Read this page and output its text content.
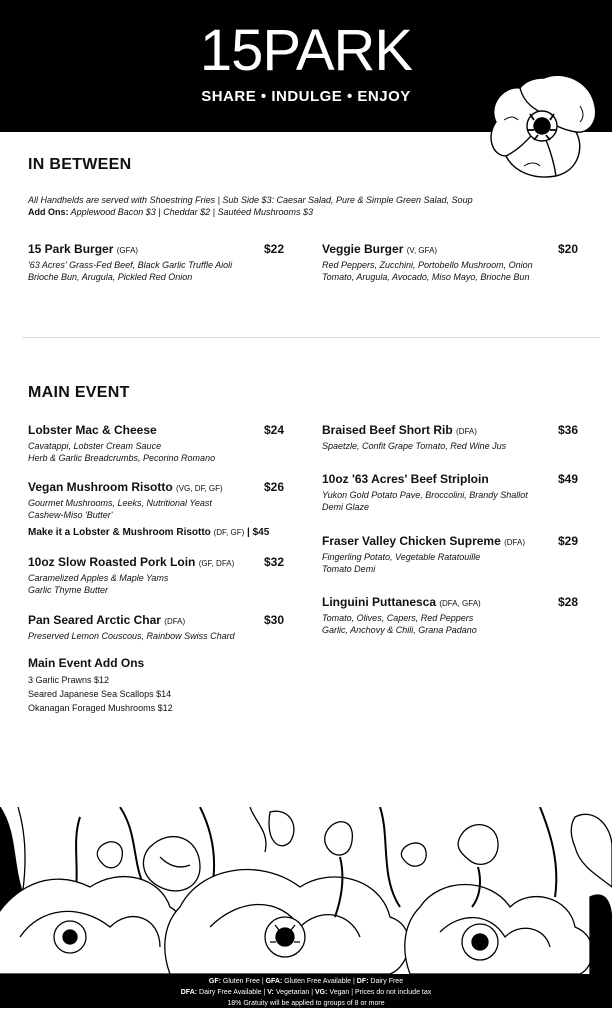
15PARK
SHARE • INDULGE • ENJOY
IN BETWEEN
All Handhelds are served with Shoestring Fries | Sub Side $3: Caesar Salad, Pure & Simple Green Salad, Soup
Add Ons: Applewood Bacon $3 | Cheddar $2 | Sautéed Mushrooms $3
15 Park Burger (GFA)	$22
'63 Acres' Grass-Fed Beef, Black Garlic Truffle Aioli
Brioche Bun, Arugula, Pickled Red Onion
Veggie Burger (V, GFA)	$20
Red Peppers, Zucchini, Portobello Mushroom, Onion
Tomato, Arugula, Avocado, Miso Mayo, Brioche Bun
MAIN EVENT
Lobster Mac & Cheese	$24
Cavatappi, Lobster Cream Sauce
Herb & Garlic Breadcrumbs, Pecorino Romano
Vegan Mushroom Risotto (VG, DF, GF)	$26
Gourmet Mushrooms, Leeks, Nutritional Yeast
Cashew-Miso 'Butter'
Make it a Lobster & Mushroom Risotto (DF, GF) | $45
10oz Slow Roasted Pork Loin (GF, DFA) $32
Caramelized Apples & Maple Yams
Garlic Thyme Butter
Pan Seared Arctic Char (DFA)	$30
Preserved Lemon Couscous, Rainbow Swiss Chard
Main Event Add Ons
3 Garlic Prawns $12
Seared Japanese Sea Scallops $14
Okanagan Foraged Mushrooms $12
Braised Beef Short Rib (DFA)	$36
Spaetzle, Confit Grape Tomato, Red Wine Jus
10oz '63 Acres' Beef Striploin	$49
Yukon Gold Potato Pave, Broccolini, Brandy Shallot
Demi Glaze
Fraser Valley Chicken Supreme (DFA)	$29
Fingerling Potato, Vegetable Ratatouille
Tomato Demi
Linguini Puttanesca (DFA, GFA)	$28
Tomato, Olives, Capers, Red Peppers
Garlic, Anchovy & Chili, Grana Padano
GF: Gluten Free | GFA: Gluten Free Available | DF: Dairy Free
DFA: Dairy Free Available | V: Vegetarian | VG: Vegan | Prices do not include tax
18% Gratuity will be applied to groups of 8 or more
